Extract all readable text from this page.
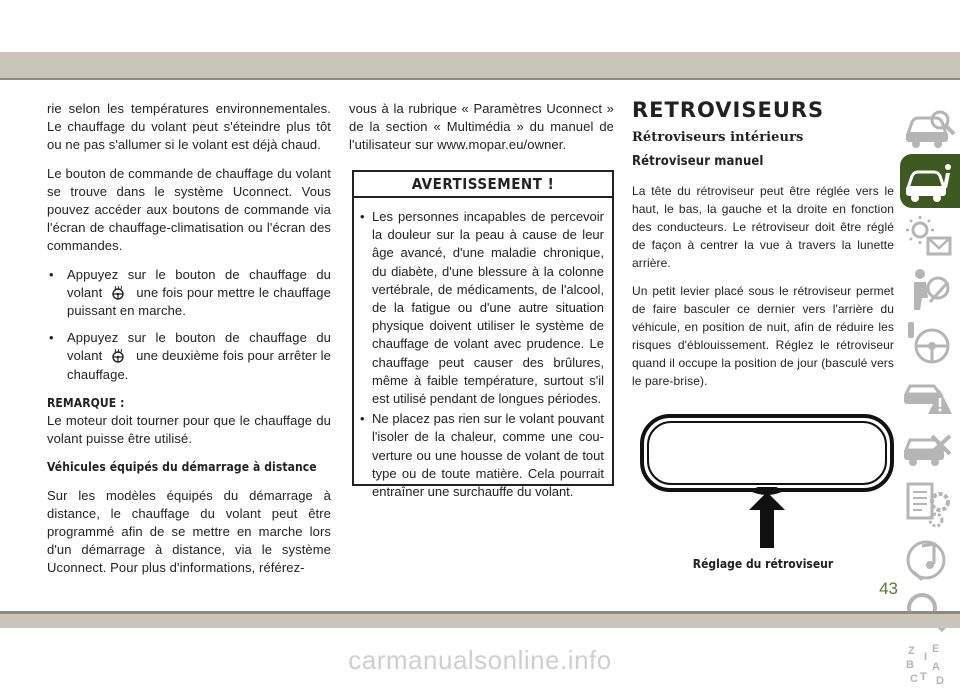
rie selon les températures environnementales. Le chauffage du volant peut s'éteindre plus tôt ou ne pas s'allumer si le volant est déjà chaud.

Le bouton de commande de chauffage du volant se trouve dans le système Uconnect. Vous pouvez accéder aux boutons de commande via l'écran de chauffage-climatisation ou l'écran des commandes.

• Appuyez sur le bouton de chauffage du volant	une fois pour mettre le chauffage puissant en marche.
• Appuyez sur le bouton de chauffage du volant	une deuxième fois pour arrêter le chauffage.
REMARQUE :

Le moteur doit tourner pour que le chauffage du volant puisse être utilisé.

Véhicules équipés du démarrage à distance

Sur les modèles équipés du démarrage à distance, le chauffage du volant peut être programmé afin de se mettre en marche lors d'un démarrage à distance, via le système Uconnect. Pour plus d'informations, référez-

vous à la rubrique « Paramètres Uconnect » de la section « Multimédia » du manuel de l'utilisateur sur www.mopar.eu/owner.

AVERTISSEMENT !
• Les personnes incapables de percevoir la douleur sur la peau à cause de leur âge avancé, d'une maladie chronique, du diabète, d'une blessure à la colonne vertébrale, de médicaments, de l'alcool, de la fatigue ou d'une autre situation physique doivent utiliser le système de chauffage de volant avec prudence. Le chauffage peut causer des brûlures, même à faible température, surtout s'il est utilisé pendant de longues périodes.
• Ne placez pas rien sur le volant pouvant l'isoler de la chaleur, comme une couverture ou une housse de volant de tout type ou de toute matière. Cela pourrait entraîner une surchauffe du volant.
RETROVISEURS
Rétroviseurs intérieurs
Rétroviseur manuel

La tête du rétroviseur peut être réglée vers le haut, le bas, la gauche et la droite en fonction des conducteurs. Le rétroviseur doit être réglé de façon à centrer la vue à travers la lunette arrière.

Un petit levier placé sous le rétroviseur permet de faire basculer ce dernier vers l'arrière du véhicule, en position de nuit, afin de réduire les risques d'éblouissement. Réglez le rétroviseur quand il occupe la position de jour (basculé vers le pare-brise).

Réglage du rétroviseur
43
Z E
B A
C D
T
I
carmanualsonline.info
